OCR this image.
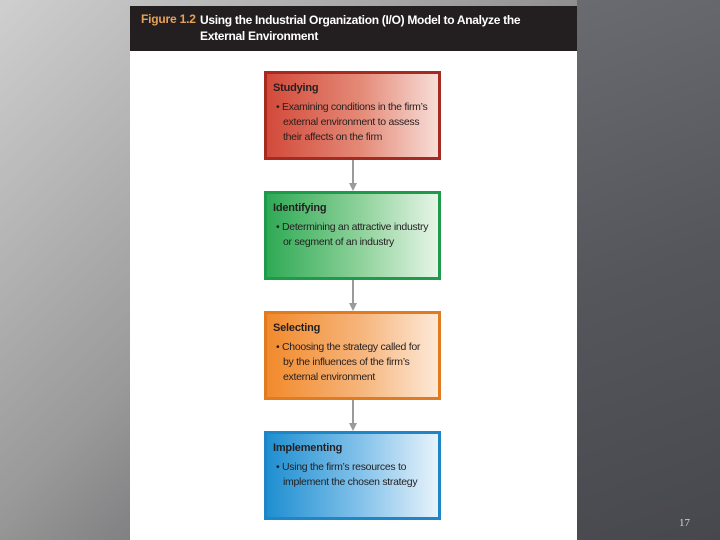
Figure 1.2 Using the Industrial Organization (I/O) Model to Analyze the External Environment
Studying
• Examining conditions in the firm’s external environment to assess their affects on the firm
Identifying
• Determining an attractive industry or segment of an industry
Selecting
• Choosing the strategy called for by the influences of the firm’s external environment
Implementing
• Using the firm’s resources to implement the chosen strategy
17
